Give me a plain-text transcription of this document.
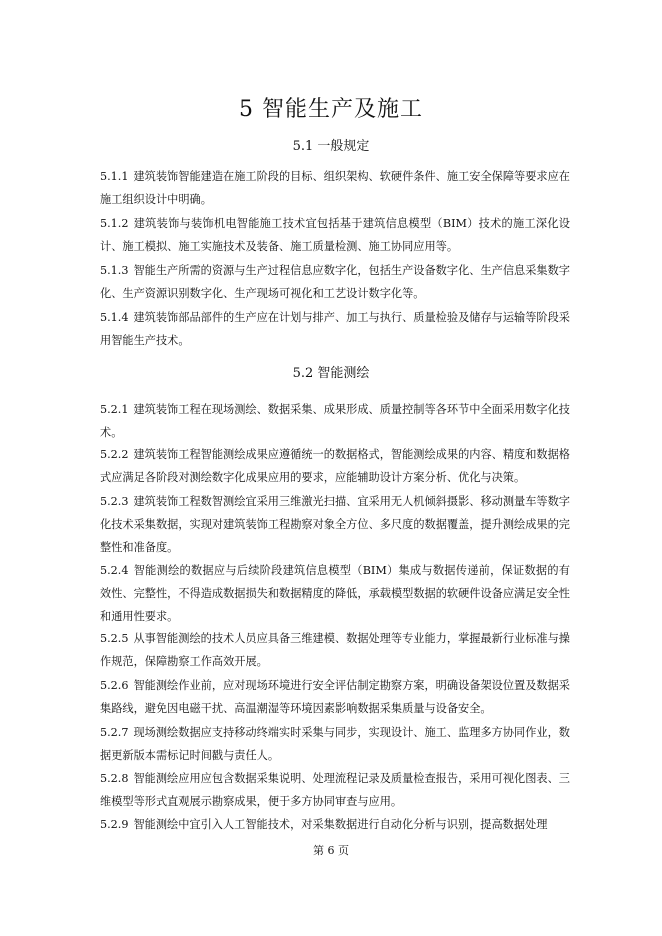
5 智能生产及施工
5.1 一般规定
5.1.1 建筑装饰智能建造在施工阶段的目标、组织架构、软硬件条件、施工安全保障等要求应在施工组织设计中明确。
5.1.2 建筑装饰与装饰机电智能施工技术宜包括基于建筑信息模型（BIM）技术的施工深化设计、施工模拟、施工实施技术及装备、施工质量检测、施工协同应用等。
5.1.3 智能生产所需的资源与生产过程信息应数字化，包括生产设备数字化、生产信息采集数字化、生产资源识别数字化、生产现场可视化和工艺设计数字化等。
5.1.4 建筑装饰部品部件的生产应在计划与排产、加工与执行、质量检验及储存与运输等阶段采用智能生产技术。
5.2 智能测绘
5.2.1 建筑装饰工程在现场测绘、数据采集、成果形成、质量控制等各环节中全面采用数字化技术。
5.2.2 建筑装饰工程智能测绘成果应遵循统一的数据格式，智能测绘成果的内容、精度和数据格式应满足各阶段对测绘数字化成果应用的要求，应能辅助设计方案分析、优化与决策。
5.2.3 建筑装饰工程数智测绘宜采用三维激光扫描、宜采用无人机倾斜摄影、移动测量车等数字化技术采集数据，实现对建筑装饰工程勘察对象全方位、多尺度的数据覆盖，提升测绘成果的完整性和准备度。
5.2.4 智能测绘的数据应与后续阶段建筑信息模型（BIM）集成与数据传递前，保证数据的有效性、完整性，不得造成数据损失和数据精度的降低，承载模型数据的软硬件设备应满足安全性和通用性要求。
5.2.5 从事智能测绘的技术人员应具备三维建模、数据处理等专业能力，掌握最新行业标准与操作规范，保障勘察工作高效开展。
5.2.6 智能测绘作业前，应对现场环境进行安全评估制定勘察方案，明确设备架设位置及数据采集路线，避免因电磁干扰、高温潮湿等环境因素影响数据采集质量与设备安全。
5.2.7 现场测绘数据应支持移动终端实时采集与同步，实现设计、施工、监理多方协同作业，数据更新版本需标记时间戳与责任人。
5.2.8 智能测绘应用应包含数据采集说明、处理流程记录及质量检查报告，采用可视化图表、三维模型等形式直观展示勘察成果，便于多方协同审查与应用。
5.2.9 智能测绘中宜引入人工智能技术，对采集数据进行自动化分析与识别，提高数据处理
第 6 页
